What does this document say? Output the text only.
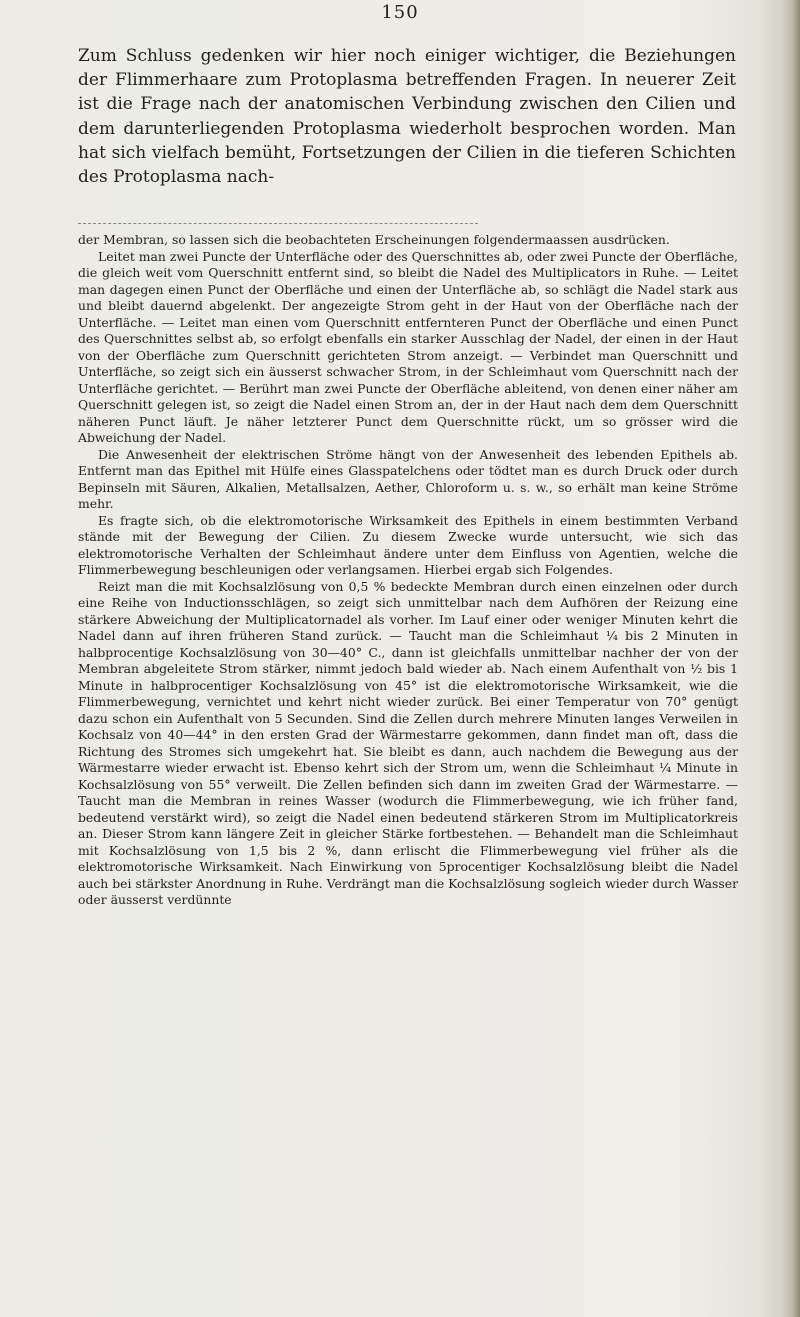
150
Zum Schluss gedenken wir hier noch einiger wichtiger, die Beziehungen der Flimmerhaare zum Protoplasma betreffenden Fragen. In neuerer Zeit ist die Frage nach der anatomischen Verbindung zwischen den Cilien und dem darunterliegenden Protoplasma wiederholt besprochen worden. Man hat sich vielfach bemüht, Fortsetzungen der Cilien in die tieferen Schichten des Protoplasma nach-

der Membran, so lassen sich die beobachteten Erscheinungen folgendermaassen ausdrücken.

Leitet man zwei Puncte der Unterfläche oder des Querschnittes ab, oder zwei Puncte der Oberfläche, die gleich weit vom Querschnitt entfernt sind, so bleibt die Nadel des Multiplicators in Ruhe. — Leitet man dagegen einen Punct der Oberfläche und einen der Unterfläche ab, so schlägt die Nadel stark aus und bleibt dauernd abgelenkt. Der angezeigte Strom geht in der Haut von der Oberfläche nach der Unterfläche. — Leitet man einen vom Querschnitt entfernteren Punct der Oberfläche und einen Punct des Querschnittes selbst ab, so erfolgt ebenfalls ein starker Ausschlag der Nadel, der einen in der Haut von der Oberfläche zum Querschnitt gerichteten Strom anzeigt. — Verbindet man Querschnitt und Unterfläche, so zeigt sich ein äusserst schwacher Strom, in der Schleimhaut vom Querschnitt nach der Unterfläche gerichtet. — Berührt man zwei Puncte der Oberfläche ableitend, von denen einer näher am Querschnitt gelegen ist, so zeigt die Nadel einen Strom an, der in der Haut nach dem dem Querschnitt näheren Punct läuft. Je näher letzterer Punct dem Querschnitte rückt, um so grösser wird die Abweichung der Nadel.

Die Anwesenheit der elektrischen Ströme hängt von der Anwesenheit des lebenden Epithels ab. Entfernt man das Epithel mit Hülfe eines Glasspatelchens oder tödtet man es durch Druck oder durch Bepinseln mit Säuren, Alkalien, Metallsalzen, Aether, Chloroform u. s. w., so erhält man keine Ströme mehr.

Es fragte sich, ob die elektromotorische Wirksamkeit des Epithels in einem bestimmten Verband stände mit der Bewegung der Cilien. Zu diesem Zwecke wurde untersucht, wie sich das elektromotorische Verhalten der Schleimhaut ändere unter dem Einfluss von Agentien, welche die Flimmerbewegung beschleunigen oder verlangsamen. Hierbei ergab sich Folgendes.

Reizt man die mit Kochsalzlösung von 0,5 % bedeckte Membran durch einen einzelnen oder durch eine Reihe von Inductionsschlägen, so zeigt sich unmittelbar nach dem Aufhören der Reizung eine stärkere Abweichung der Multiplicatornadel als vorher. Im Lauf einer oder weniger Minuten kehrt die Nadel dann auf ihren früheren Stand zurück. — Taucht man die Schleimhaut ¼ bis 2 Minuten in halbprocentige Kochsalzlösung von 30—40° C., dann ist gleichfalls unmittelbar nachher der von der Membran abgeleitete Strom stärker, nimmt jedoch bald wieder ab. Nach einem Aufenthalt von ½ bis 1 Minute in halbprocentiger Kochsalzlösung von 45° ist die elektromotorische Wirksamkeit, wie die Flimmerbewegung, vernichtet und kehrt nicht wieder zurück. Bei einer Temperatur von 70° genügt dazu schon ein Aufenthalt von 5 Secunden. Sind die Zellen durch mehrere Minuten langes Verweilen in Kochsalz von 40—44° in den ersten Grad der Wärmestarre gekommen, dann findet man oft, dass die Richtung des Stromes sich umgekehrt hat. Sie bleibt es dann, auch nachdem die Bewegung aus der Wärmestarre wieder erwacht ist. Ebenso kehrt sich der Strom um, wenn die Schleimhaut ¼ Minute in Kochsalzlösung von 55° verweilt. Die Zellen befinden sich dann im zweiten Grad der Wärmestarre. — Taucht man die Membran in reines Wasser (wodurch die Flimmerbewegung, wie ich früher fand, bedeutend verstärkt wird), so zeigt die Nadel einen bedeutend stärkeren Strom im Multiplicatorkreis an. Dieser Strom kann längere Zeit in gleicher Stärke fortbestehen. — Behandelt man die Schleimhaut mit Kochsalzlösung von 1,5 bis 2 %, dann erlischt die Flimmerbewegung viel früher als die elektromotorische Wirksamkeit. Nach Einwirkung von 5procentiger Kochsalzlösung bleibt die Nadel auch bei stärkster Anordnung in Ruhe. Verdrängt man die Kochsalzlösung sogleich wieder durch Wasser oder äusserst verdünnte
